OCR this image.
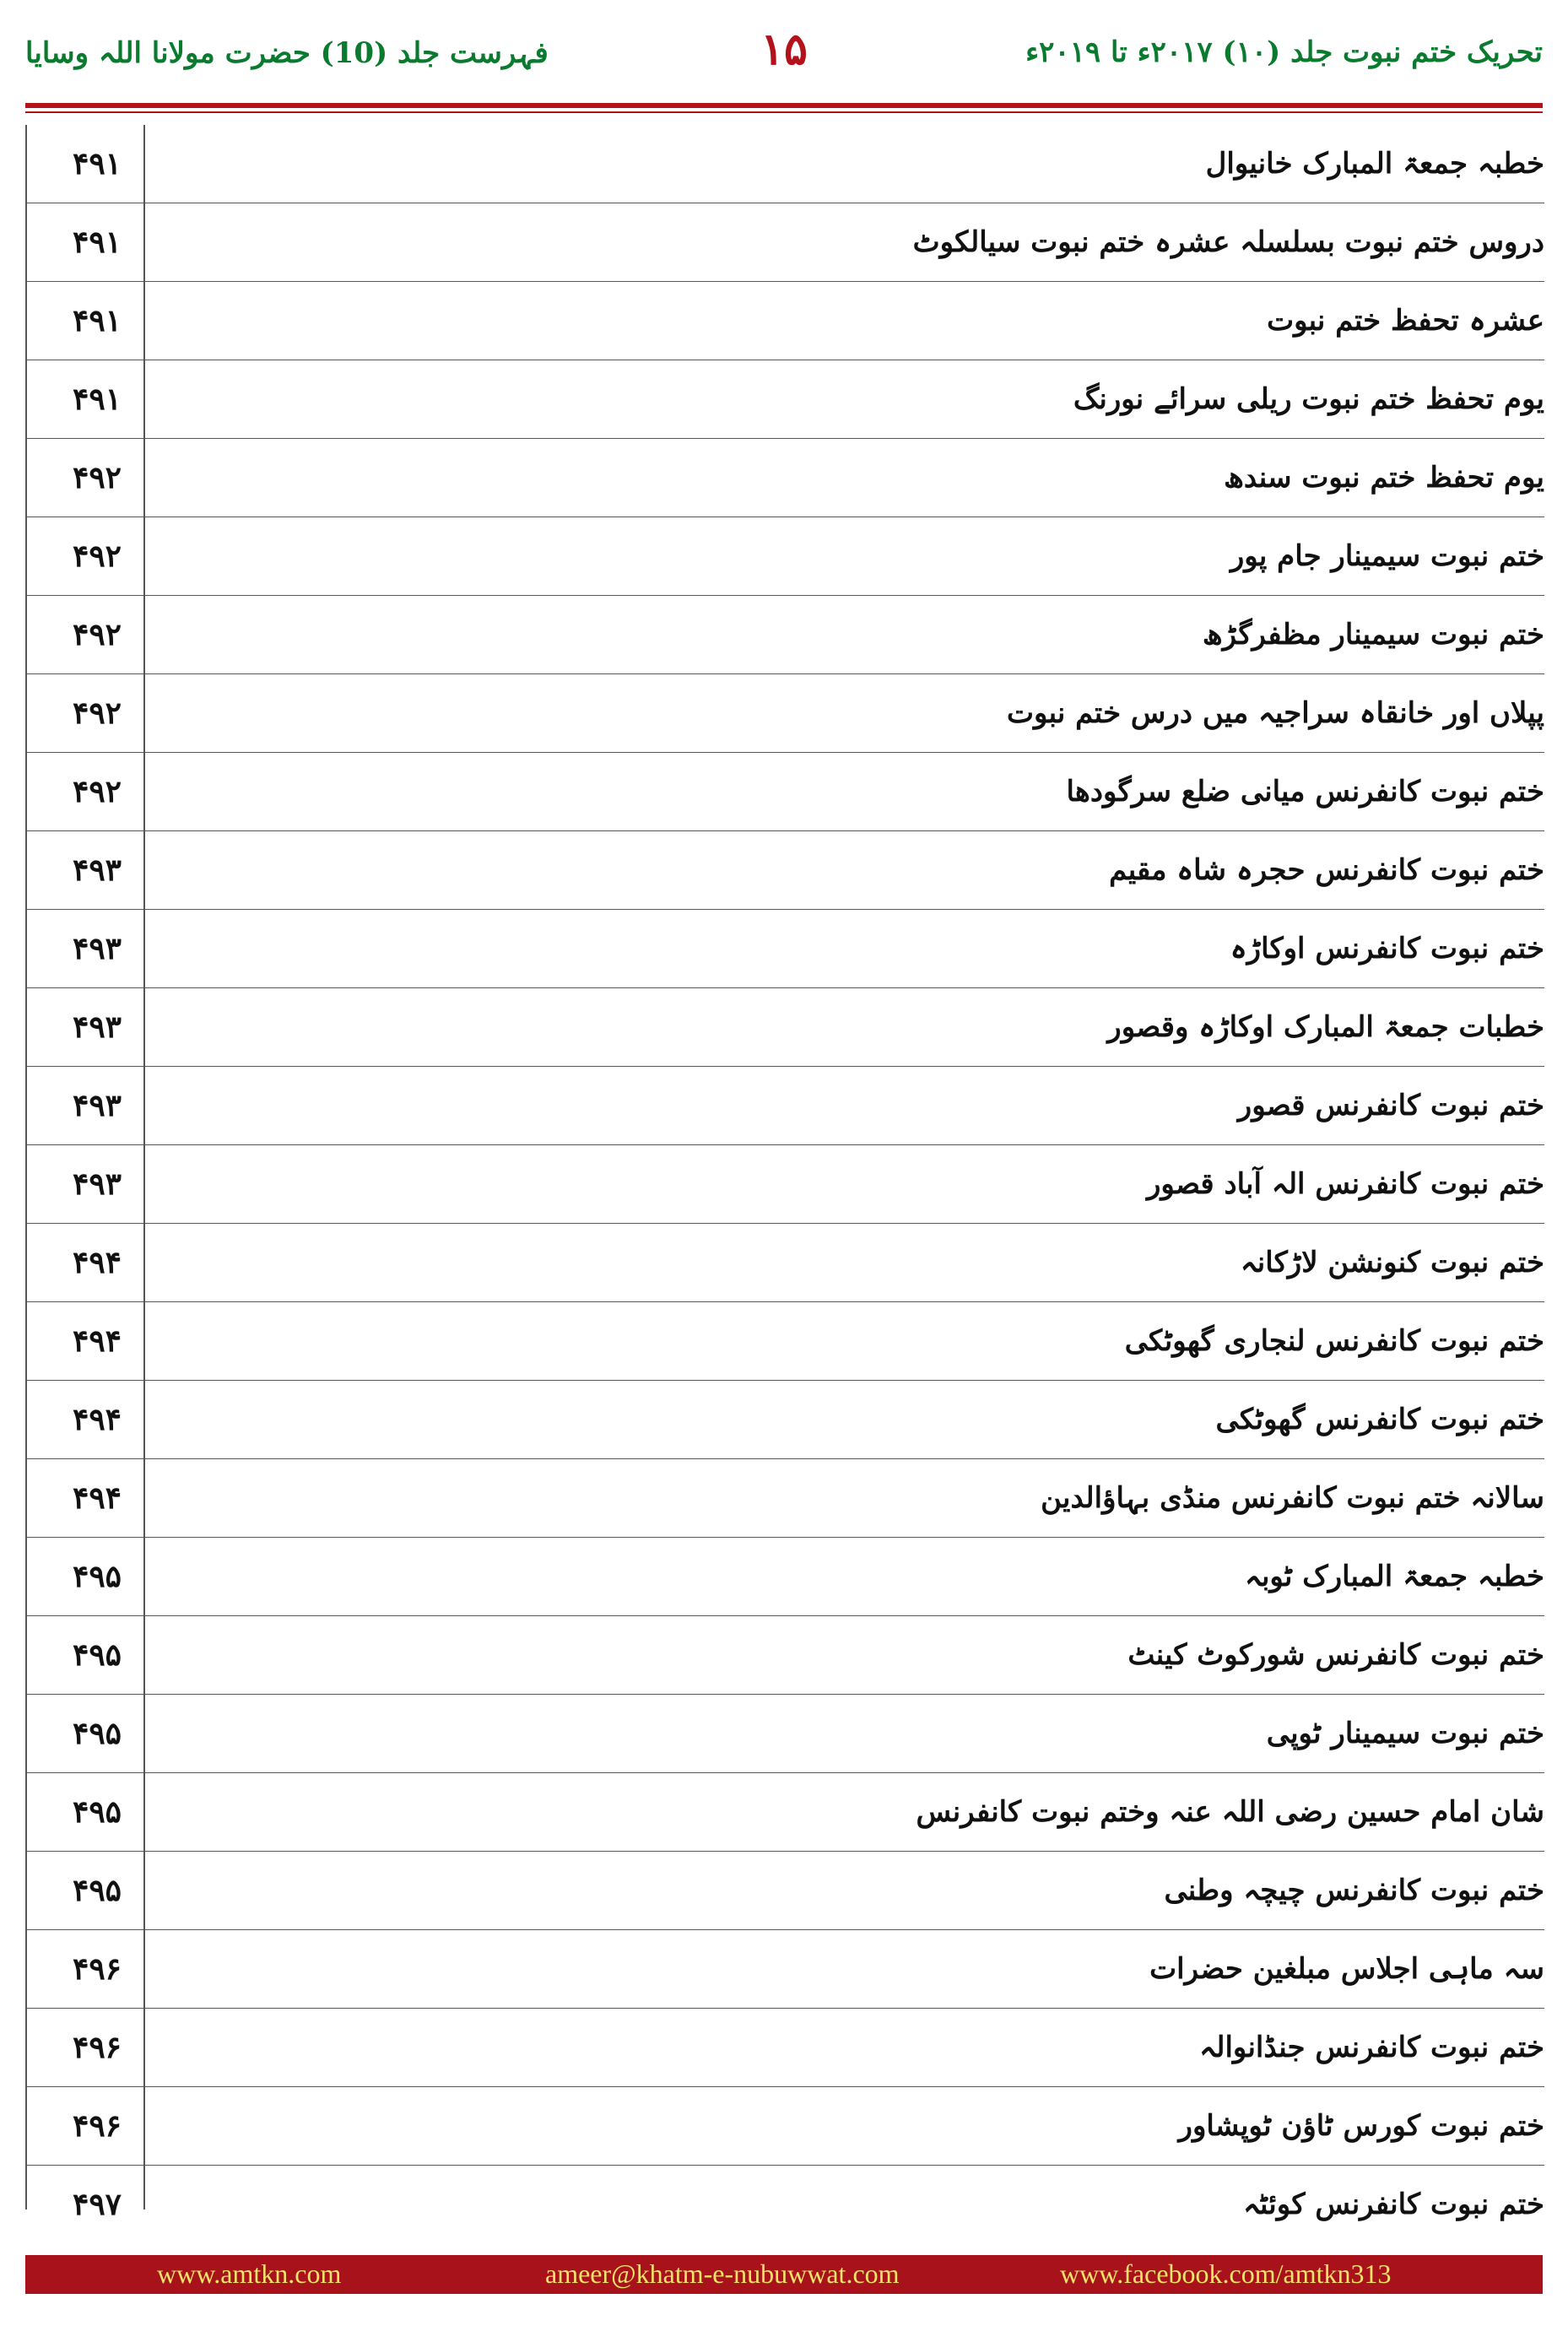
تحریک ختم نبوت جلد (۱۰) ۲۰۱۷ء تا ۲۰۱۹ء
۱۵
فہرست جلد (10) حضرت مولانا اللہ وسایا
۴۹۱	خطبہ جمعۃ المبارک خانیوال
۴۹۱	دروس ختم نبوت بسلسلہ عشرہ ختم نبوت سیالکوٹ
۴۹۱	عشرہ تحفظ ختم نبوت
۴۹۱	یوم تحفظ ختم نبوت ریلی سرائے نورنگ
۴۹۲	یوم تحفظ ختم نبوت سندھ
۴۹۲	ختم نبوت سیمینار جام پور
۴۹۲	ختم نبوت سیمینار مظفرگڑھ
۴۹۲	پپلاں اور خانقاہ سراجیہ میں درس ختم نبوت
۴۹۲	ختم نبوت کانفرنس میانی ضلع سرگودھا
۴۹۳	ختم نبوت کانفرنس حجرہ شاہ مقیم
۴۹۳	ختم نبوت کانفرنس اوکاڑہ
۴۹۳	خطبات جمعۃ المبارک اوکاڑہ وقصور
۴۹۳	ختم نبوت کانفرنس قصور
۴۹۳	ختم نبوت کانفرنس الہ آباد قصور
۴۹۴	ختم نبوت کنونشن لاڑکانہ
۴۹۴	ختم نبوت کانفرنس لنجاری گھوٹکی
۴۹۴	ختم نبوت کانفرنس گھوٹکی
۴۹۴	سالانہ ختم نبوت کانفرنس منڈی بہاؤالدین
۴۹۵	خطبہ جمعۃ المبارک ٹوبہ
۴۹۵	ختم نبوت کانفرنس شورکوٹ کینٹ
۴۹۵	ختم نبوت سیمینار ٹوپی
۴۹۵	شان امام حسین رضی اللہ عنہ وختم نبوت کانفرنس
۴۹۵	ختم نبوت کانفرنس چیچہ وطنی
۴۹۶	سہ ماہی اجلاس مبلغین حضرات
۴۹۶	ختم نبوت کانفرنس جنڈانوالہ
۴۹۶	ختم نبوت کورس ٹاؤن ٹوپشاور
۴۹۷	ختم نبوت کانفرنس کوئٹہ
www.amtkn.com	ameer@khatm-e-nubuwwat.com	www.facebook.com/amtkn313
